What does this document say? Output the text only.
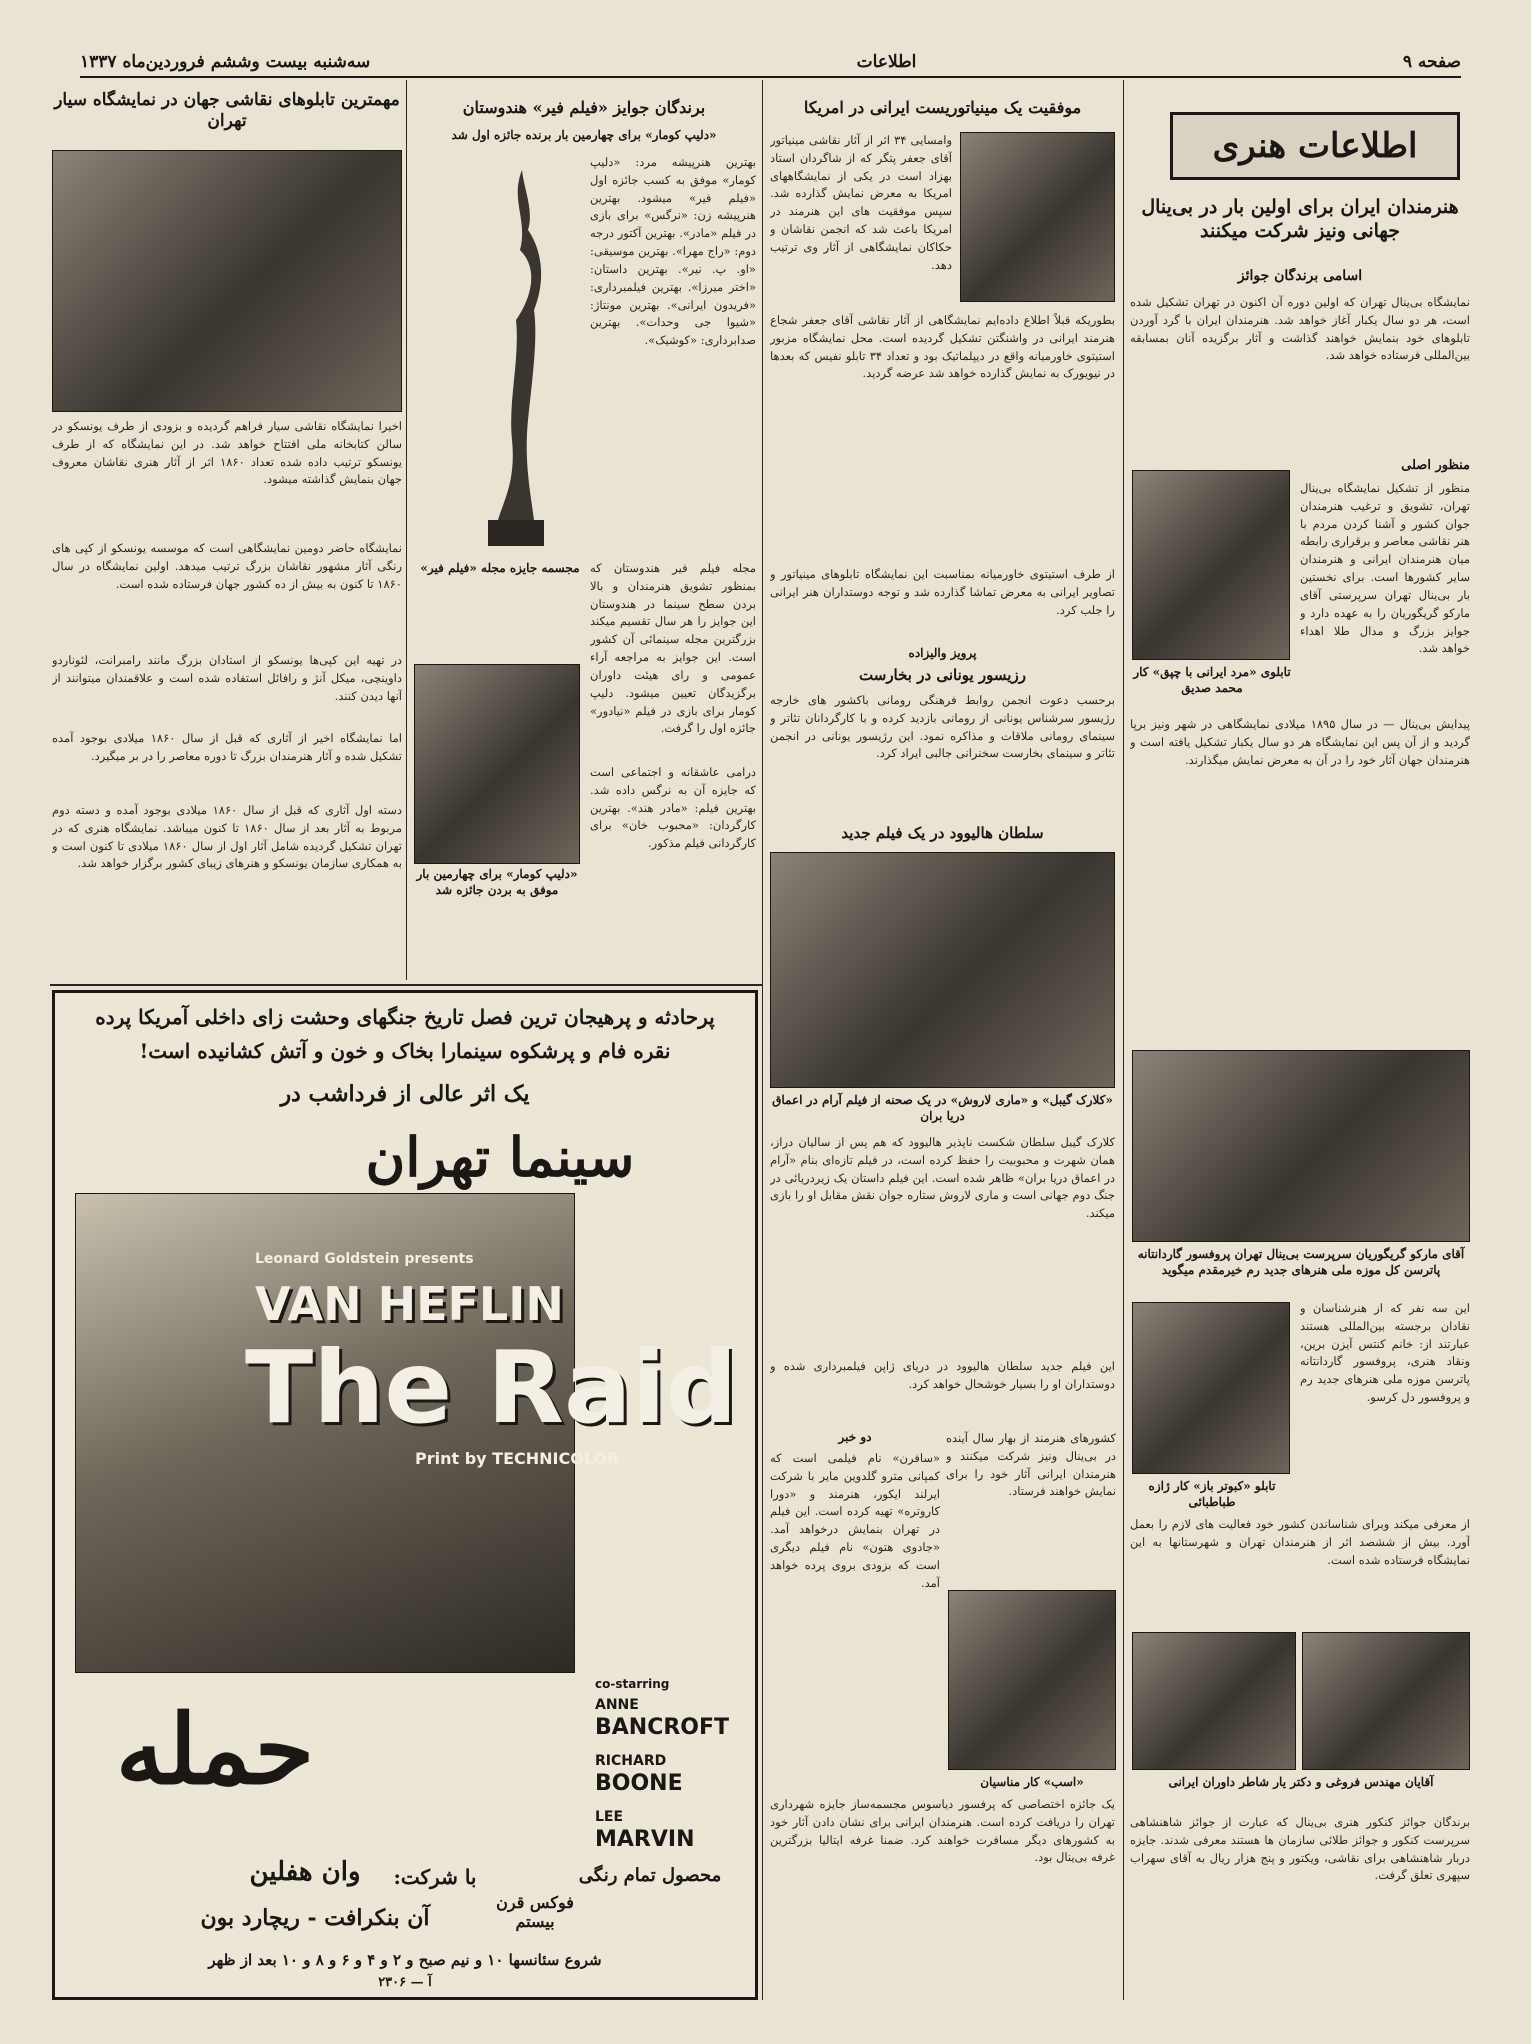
صفحه ۹
اطلاعات
سه‌شنبه بیست وششم فروردین‌ماه ۱۳۳۷
اطلاعات هنری
هنرمندان ایران برای اولین بار در بی‌ینال جهانی ونیز شرکت میکنند
اسامی برندگان جوائز
نمایشگاه بی‌ینال تهران که اولین دوره آن اکنون در تهران تشکیل شده است، هر دو سال یکبار آغاز خواهد شد. هنرمندان ایران با گرد آوردن تابلوهای خود بنمایش خواهند گذاشت و آثار برگزیده آنان بمسابقه بین‌المللی فرستاده خواهد شد.
منظور اصلی
منظور از تشکیل نمایشگاه بی‌ینال تهران، تشویق و ترغیب هنرمندان جوان کشور و آشنا کردن مردم با هنر نقاشی معاصر و برقراری رابطه میان هنرمندان ایرانی و هنرمندان سایر کشورها است. برای نخستین بار بی‌ینال تهران سرپرستی آقای مارکو گریگوریان را به عهده دارد و جوایز بزرگ و مدال طلا اهداء خواهد شد.
تابلوی «مرد ایرانی با چپق» کار محمد صدیق
پیدایش بی‌ینال — در سال ۱۸۹۵ میلادی نمایشگاهی در شهر ونیز برپا گردید و از آن پس این نمایشگاه هر دو سال یکبار تشکیل یافته است و هنرمندان جهان آثار خود را در آن به معرض نمایش میگذارند.
آقای مارکو گریگوریان سرپرست بی‌ینال تهران پروفسور گاردانتانه پاترسن کل موزه ملی هنرهای جدید رم خیرمقدم میگوید
این سه نفر که از هنرشناسان و نقادان برجسته بین‌المللی هستند عبارتند از: خانم کنتس آیزن برین، ونقاد هنری، پروفسور گاردانتانه پاترسن موزه ملی هنرهای جدید رم و پروفسور دل کرسو.
تابلو «کبوتر باز» کار ژازه طباطبائی
از معرفی میکند وبرای شناساندن کشور خود فعالیت های لازم را بعمل آورد. بیش از ششصد اثر از هنرمندان تهران و شهرستانها به این نمایشگاه فرستاده شده است.
آقایان مهندس فروغی و دکتر یار شاطر داوران ایرانی
برندگان جوائز کنکور هنری بی‌ینال که عبارت از جوائز شاهنشاهی سرپرست کنکور و جوائز طلائی سازمان ها هستند معرفی شدند. جایزه دربار شاهنشاهی برای نقاشی، ویکتور و پنج هزار ریال به آقای سهراب سپهری تعلق گرفت.
موفقیت یک مینیاتوریست ایرانی در امریکا
وامسایی ۳۴ اثر از آثار نقاشی مینیاتور آقای جعفر پتگر که از شاگردان استاد بهزاد است در یکی از نمایشگاههای امریکا به معرض نمایش گذارده شد. سپس موفقیت های این هنرمند در امریکا باعث شد که انجمن نقاشان و حکاکان نمایشگاهی از آثار وی ترتیب دهد.
بطوریکه قبلاً اطلاع داده‌ایم نمایشگاهی از آثار نقاشی آقای جعفر شجاع هنرمند ایرانی در واشنگتن تشکیل گردیده است. محل نمایشگاه مزبور استیتوی خاورمیانه واقع در دیپلماتیک بود و تعداد ۳۴ تابلو نفیس که بعدها در نیویورک به نمایش گذارده خواهد شد عرضه گردید.
از طرف استیتوی خاورمیانه بمناسبت این نمایشگاه تابلوهای مینیاتور و تصاویر ایرانی به معرض تماشا گذارده شد و توجه دوستداران هنر ایرانی را جلب کرد.
پرویز والیزاده
رزیسور یونانی در بخارست
برحسب دعوت انجمن روابط فرهنگی رومانی باکشور های خارجه رژیسور سرشناس یونانی از رومانی بازدید کرده و با کارگردانان تئاتر و سینمای رومانی ملاقات و مذاکره نمود. این رژیسور یونانی در انجمن تئاتر و سینمای بخارست سخنرانی جالبی ایراد کرد.
سلطان هالیوود در یک فیلم جدید
«کلارک گیبل» و «ماری لاروش» در یک صحنه از فیلم آرام در اعماق دریا بران
کلارک گیبل سلطان شکست ناپذیر هالیوود که هم پس از سالیان دراز، همان شهرت و محبوبیت را حفظ کرده است، در فیلم تازه‌ای بنام «آرام در اعماق دریا بران» ظاهر شده است. این فیلم داستان یک زیردریائی در جنگ دوم جهانی است و ماری لاروش ستاره جوان نقش مقابل او را بازی میکند.
این فیلم جدید سلطان هالیوود در دریای ژاپن فیلمبرداری شده و دوستداران او را بسیار خوشحال خواهد کرد.
دو خبر
«سافرن» نام فیلمی است که کمپانی مترو گلدوین مایر با شرکت ایرلند ایکور، هنرمند و «دورا کاروتره» تهیه کرده است. این فیلم در تهران بنمایش درخواهد آمد. «جادوی هتون» نام فیلم دیگری است که بزودی بروی پرده خواهد آمد.
کشورهای هنرمند از بهار سال آینده در بی‌ینال ونیز شرکت میکنند و هنرمندان ایرانی آثار خود را برای نمایش خواهند فرستاد.
«اسب» کار مناسیان
یک جائزه اختصاصی که پرفسور دیاسوس مجسمه‌ساز جایزه شهرداری تهران را دریافت کرده است. هنرمندان ایرانی برای نشان دادن آثار خود به کشورهای دیگر مسافرت خواهند کرد. ضمنا غرفه ایتالیا بزرگترین غرفه بی‌ینال بود.
برندگان جوایز «فیلم فیر» هندوستان
«دلیپ کومار» برای چهارمین بار برنده جائزه اول شد
بهترین هنرپیشه مرد: «دلیپ کومار» موفق به کسب جائزه اول «فیلم فیر» میشود. بهترین هنرپیشه زن: «نرگس» برای بازی در فیلم «مادر». بهترین آکتور درجه دوم: «راج مهرا». بهترین موسیقی: «او. پ. نیر». بهترین داستان: «اختر میرزا». بهترین فیلمبرداری: «فریدون ایرانی». بهترین مونتاژ: «شیوا جی وحدات». بهترین صدابرداری: «کوشیک».
مجسمه جایزه مجله «فیلم فیر» مجله فیلم فیر هندوستان که بمنظور تشویق هنرمندان و بالا بردن سطح سینما در هندوستان این جوایز را هر سال تقسیم میکند بزرگترین مجله سینمائی آن کشور است. این جوایز به مراجعه آراء عمومی و رای هیئت داوران برگزیدگان تعیین میشود. دلیپ کومار برای بازی در فیلم «نیادور» جائزه اول را گرفت.
«دلیپ کومار» برای چهارمین بار موفق به بردن جائزه شد
درامی عاشقانه و اجتماعی است که جایزه آن به نرگس داده شد. بهترین فیلم: «مادر هند». بهترین کارگردان: «محبوب خان» برای کارگردانی فیلم مذکور.
مهمترین تابلوهای نقاشی جهان در نمایشگاه سیار تهران
اخیرا نمایشگاه نقاشی سیار فراهم گردیده و بزودی از طرف یونسکو در سالن کتابخانه ملی افتتاح خواهد شد. در این نمایشگاه که از طرف یونسکو ترتیب داده شده تعداد ۱۸۶۰ اثر از آثار هنری نقاشان معروف جهان بنمایش گذاشته میشود.
نمایشگاه حاضر دومین نمایشگاهی است که موسسه یونسکو از کپی های رنگی آثار مشهور نقاشان بزرگ ترتیب میدهد. اولین نمایشگاه در سال ۱۸۶۰ تا کنون به بیش از ده کشور جهان فرستاده شده است.
در تهیه این کپی‌ها یونسکو از استادان بزرگ مانند رامبرانت، لئوناردو داوینچی، میکل آنژ و رافائل استفاده شده است و علاقمندان میتوانند از آنها دیدن کنند.
اما نمایشگاه اخیر از آثاری که قبل از سال ۱۸۶۰ میلادی بوجود آمده تشکیل شده و آثار هنرمندان بزرگ تا دوره معاصر را در بر میگیرد.
دسته اول آثاری که قبل از سال ۱۸۶۰ میلادی بوجود آمده و دسته دوم مربوط به آثار بعد از سال ۱۸۶۰ تا کنون میباشد. نمایشگاه هنری که در تهران تشکیل گردیده شامل آثار اول از سال ۱۸۶۰ میلادی تا کنون است و به همکاری سازمان یونسکو و هنرهای زیبای کشور برگزار خواهد شد.
پرحادثه و پرهیجان ترین فصل تاریخ جنگهای وحشت زای داخلی آمریکا پرده
نقره فام و پرشکوه سینمارا بخاک و خون و آتش کشانیده است!
یک اثر عالی از فرداشب در
سینما تهران
Leonard Goldstein presents
VAN HEFLIN
The Raid
Print by TECHNICOLOR
co-starring
ANNE
BANCROFT
RICHARD
BOONE
LEE
MARVIN
حمله
وان هفلین	با شرکت:
آن بنکرافت - ریچارد بون
فوکس قرن بیستم
محصول تمام رنگی
شروع سئانسها ۱۰ و نیم صبح و ۲ و ۴ و ۶ و ۸ و ۱۰ بعد از ظهر
آ — ۲۳۰۶
